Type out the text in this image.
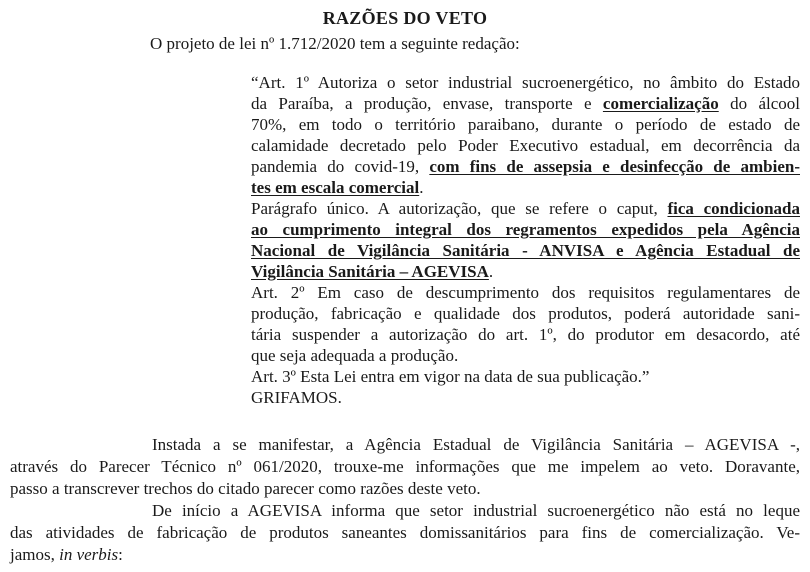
RAZÕES DO VETO

O projeto de lei nº 1.712/2020 tem a seguinte redação:

“Art. 1º Autoriza o setor industrial sucroenergético, no âmbito do Estado
da Paraíba, a produção, envase, transporte e comercialização do álcool
70%, em todo o território paraibano, durante o período de estado de
calamidade decretado pelo Poder Executivo estadual, em decorrência da
pandemia do covid-19, com fins de assepsia e desinfecção de ambien-
tes em escala comercial.
Parágrafo único. A autorização, que se refere o caput, fica condicionada
ao cumprimento integral dos regramentos expedidos pela Agência
Nacional de Vigilância Sanitária - ANVISA e Agência Estadual de
Vigilância Sanitária – AGEVISA.
Art. 2º Em caso de descumprimento dos requisitos regulamentares de
produção, fabricação e qualidade dos produtos, poderá autoridade sani-
tária suspender a autorização do art. 1º, do produtor em desacordo, até
que seja adequada a produção.
Art. 3º Esta Lei entra em vigor na data de sua publicação.”
GRIFAMOS.
Instada a se manifestar, a Agência Estadual de Vigilância Sanitária – AGEVISA -,
através do Parecer Técnico nº 061/2020, trouxe-me informações que me impelem ao veto. Doravante,
passo a transcrever trechos do citado parecer como razões deste veto.
De início a AGEVISA informa que setor industrial sucroenergético não está no leque
das atividades de fabricação de produtos saneantes domissanitários para fins de comercialização. Ve-
jamos, in verbis:
